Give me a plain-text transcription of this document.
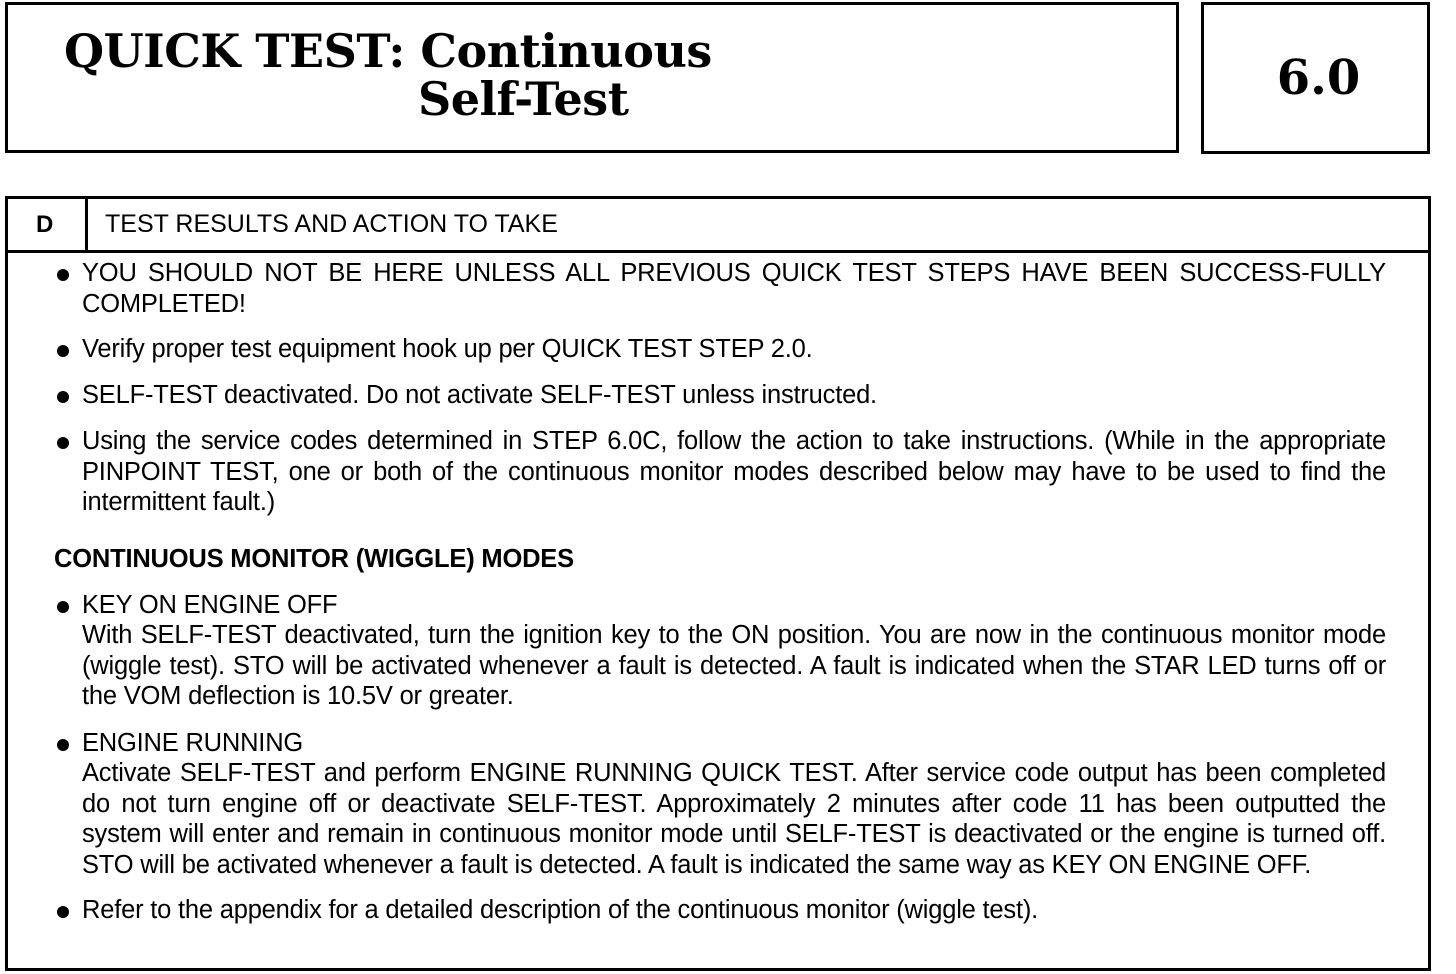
QUICK TEST: Continuous
Self-Test	6.0
D	TEST RESULTS AND ACTION TO TAKE
YOU SHOULD NOT BE HERE UNLESS ALL PREVIOUS QUICK TEST STEPS HAVE BEEN SUCCESS-FULLY COMPLETED!
Verify proper test equipment hook up per QUICK TEST STEP 2.0.
SELF-TEST deactivated. Do not activate SELF-TEST unless instructed.
Using the service codes determined in STEP 6.0C, follow the action to take instructions. (While in the appropriate PINPOINT TEST, one or both of the continuous monitor modes described below may have to be used to find the intermittent fault.)
CONTINUOUS MONITOR (WIGGLE) MODES
KEY ON ENGINE OFF
With SELF-TEST deactivated, turn the ignition key to the ON position. You are now in the continuous monitor mode (wiggle test). STO will be activated whenever a fault is detected. A fault is indicated when the STAR LED turns off or the VOM deflection is 10.5V or greater.
ENGINE RUNNING
Activate SELF-TEST and perform ENGINE RUNNING QUICK TEST. After service code output has been completed do not turn engine off or deactivate SELF-TEST. Approximately 2 minutes after code 11 has been outputted the system will enter and remain in continuous monitor mode until SELF-TEST is deactivated or the engine is turned off. STO will be activated whenever a fault is detected. A fault is indicated the same way as KEY ON ENGINE OFF.
Refer to the appendix for a detailed description of the continuous monitor (wiggle test).
